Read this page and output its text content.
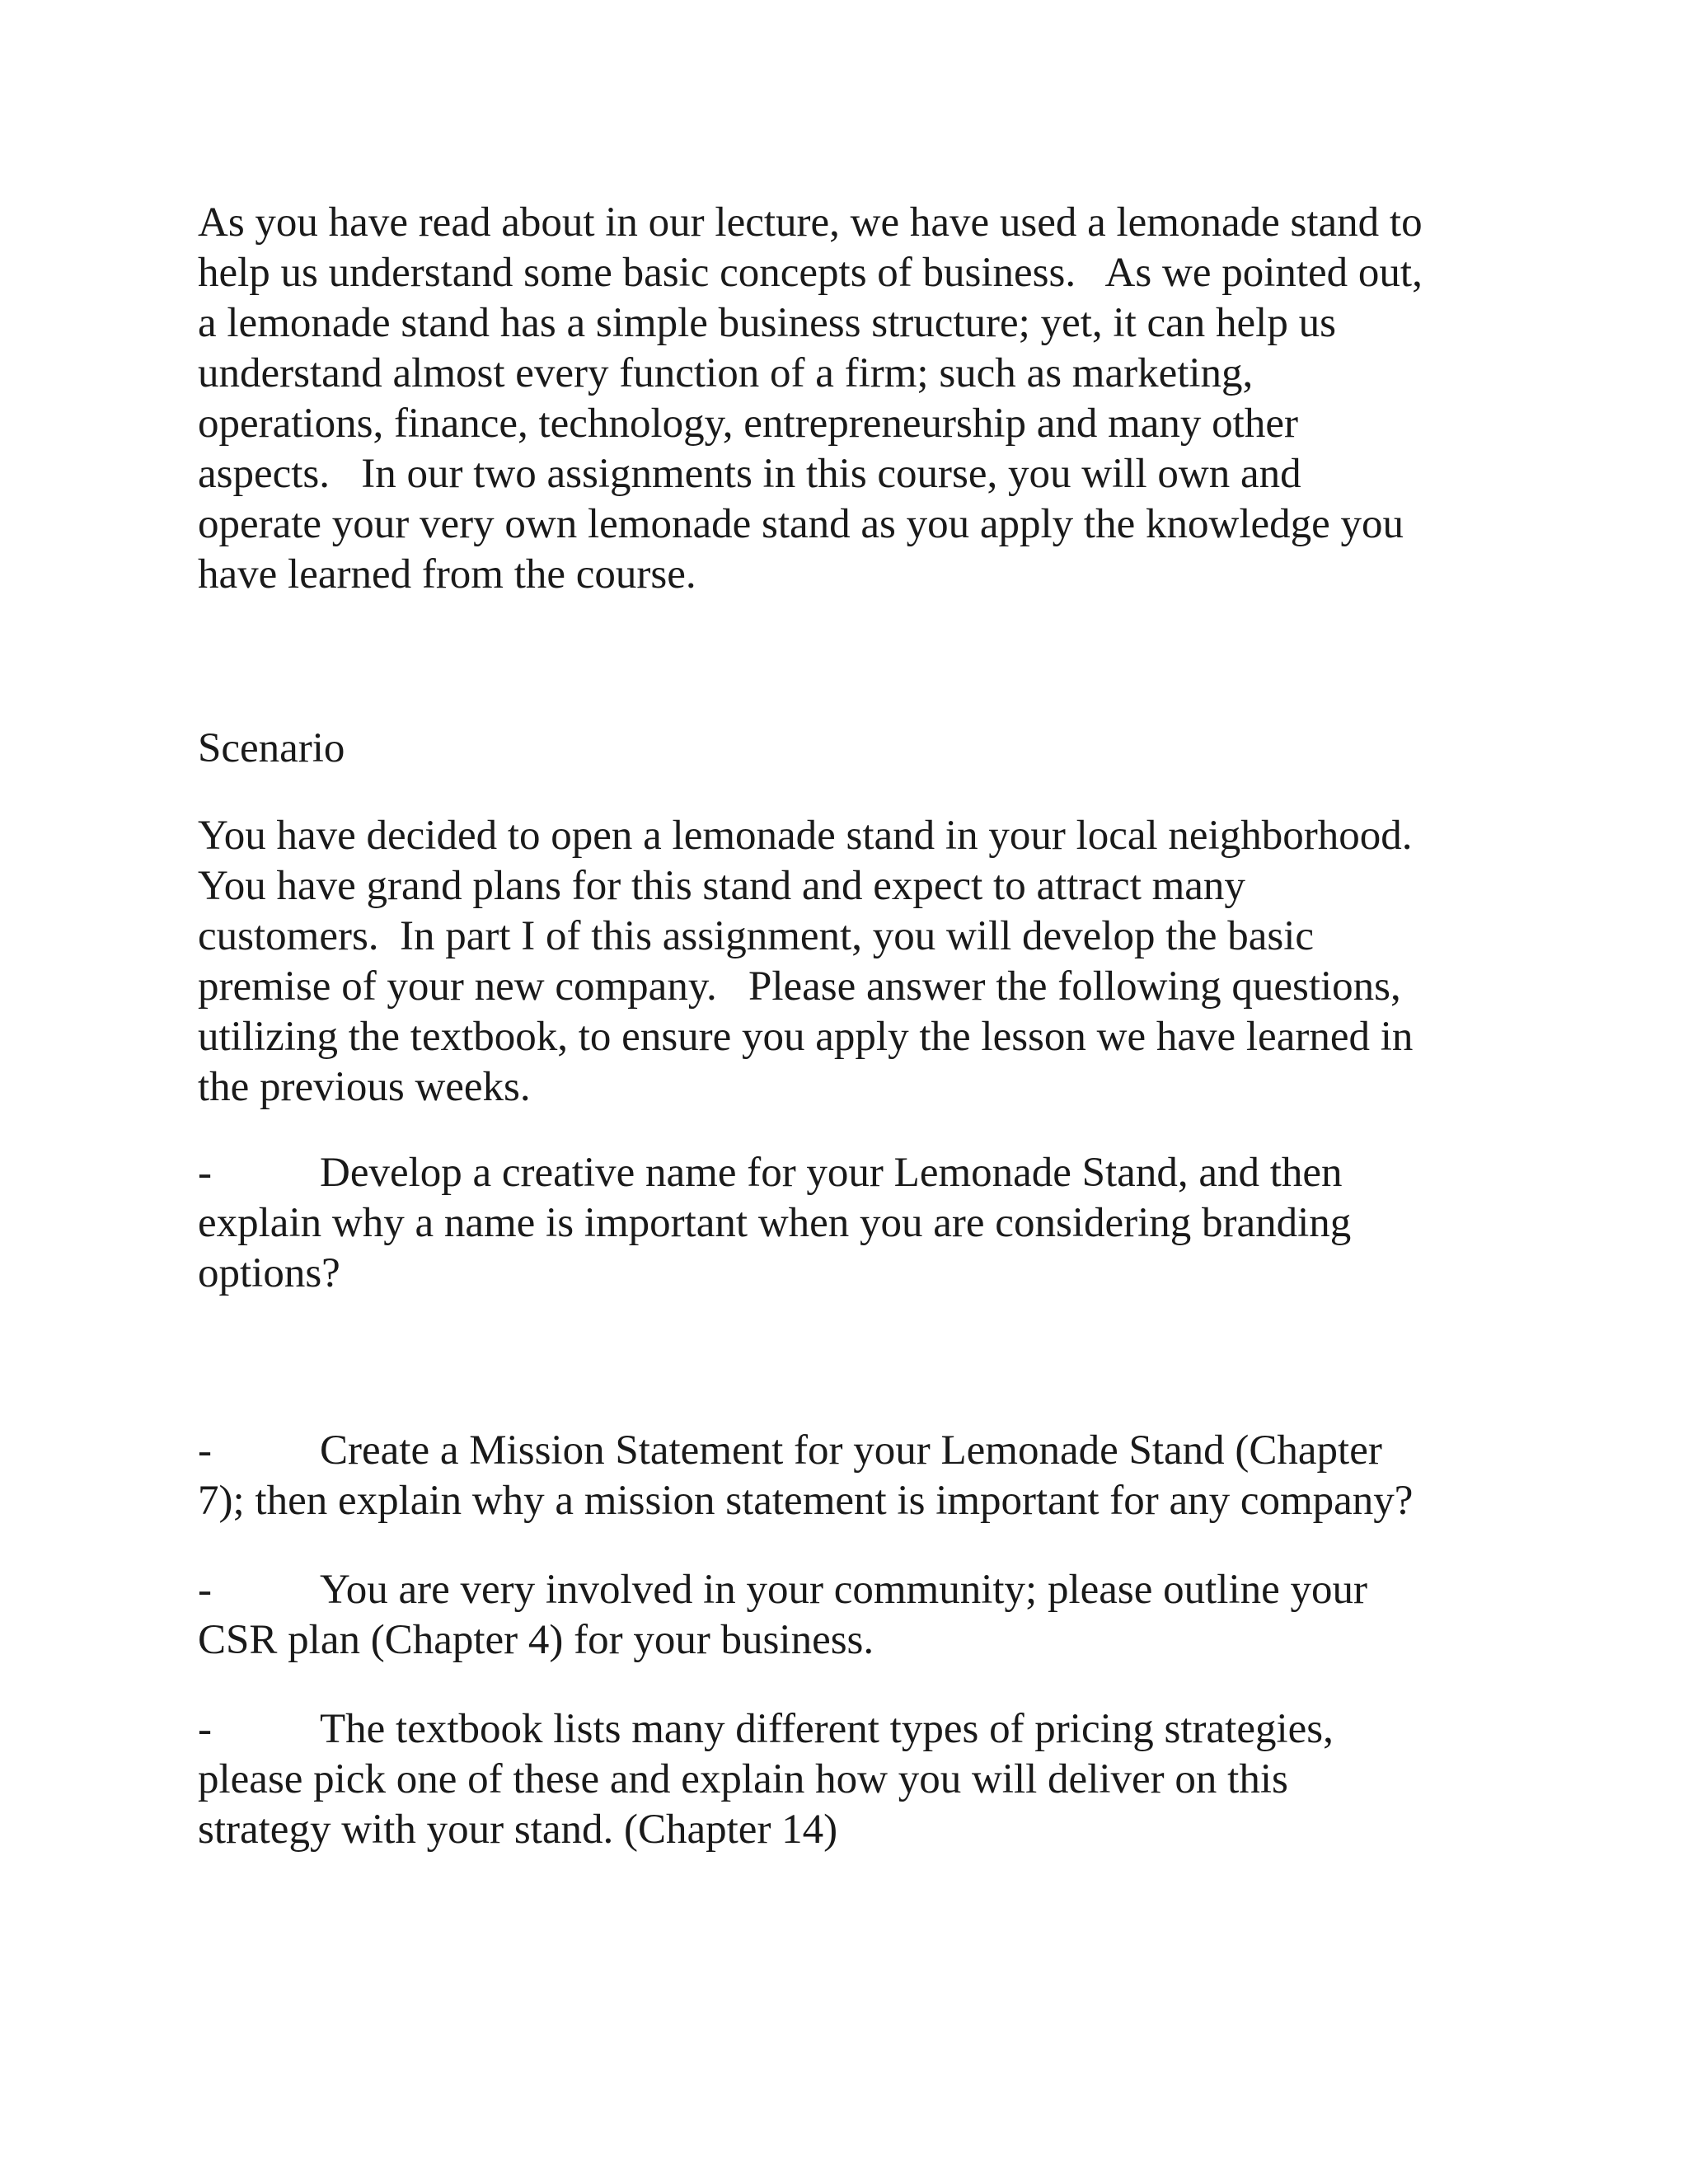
As you have read about in our lecture, we have used a lemonade stand to
help us understand some basic concepts of business.   As we pointed out,
a lemonade stand has a simple business structure; yet, it can help us
understand almost every function of a firm; such as marketing,
operations, finance, technology, entrepreneurship and many other
aspects.   In our two assignments in this course, you will own and
operate your very own lemonade stand as you apply the knowledge you
have learned from the course.
Scenario
You have decided to open a lemonade stand in your local neighborhood.
You have grand plans for this stand and expect to attract many
customers.  In part I of this assignment, you will develop the basic
premise of your new company.   Please answer the following questions,
utilizing the textbook, to ensure you apply the lesson we have learned in
the previous weeks.
-	Develop a creative name for your Lemonade Stand, and then
explain why a name is important when you are considering branding
options?
-	Create a Mission Statement for your Lemonade Stand (Chapter
7); then explain why a mission statement is important for any company?
-	You are very involved in your community; please outline your
CSR plan (Chapter 4) for your business.
-	The textbook lists many different types of pricing strategies,
please pick one of these and explain how you will deliver on this
strategy with your stand. (Chapter 14)
